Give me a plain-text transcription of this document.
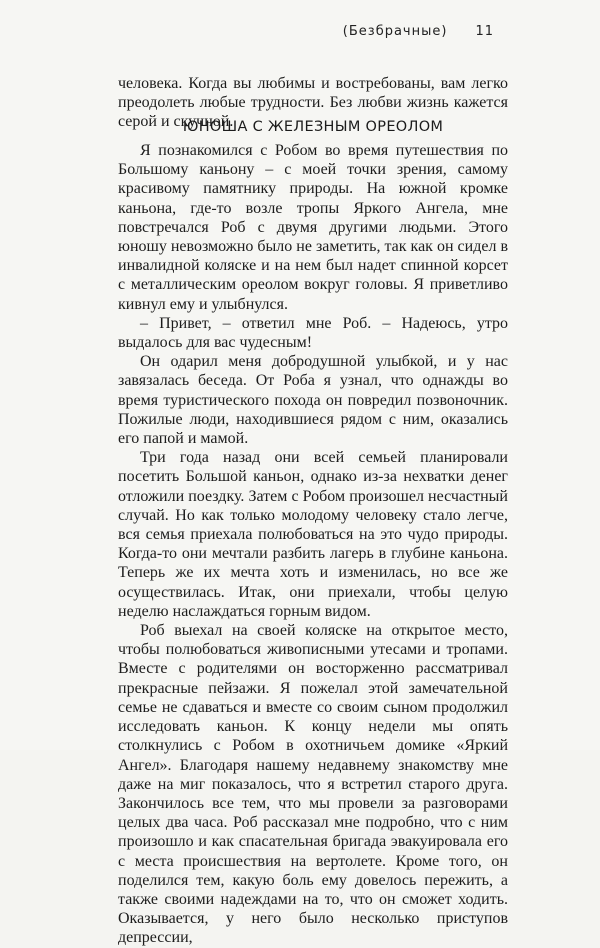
(Безбрачные) 11

человека. Когда вы любимы и востребованы, вам легко преодолеть любые трудности. Без любви жизнь кажется серой и скучной.

ЮНОША С ЖЕЛЕЗНЫМ ОРЕОЛОМ

Я познакомился с Робом во время путешествия по Большому каньону – с моей точки зрения, самому красивому памятнику природы. На южной кромке каньона, где-то возле тропы Яркого Ангела, мне повстречался Роб с двумя другими людьми. Этого юношу невозможно было не заметить, так как он сидел в инвалидной коляске и на нем был надет спинной корсет с металлическим ореолом вокруг головы. Я приветливо кивнул ему и улыбнулся.

– Привет, – ответил мне Роб. – Надеюсь, утро выдалось для вас чудесным!

Он одарил меня добродушной улыбкой, и у нас завязалась беседа. От Роба я узнал, что однажды во время туристического похода он повредил позвоночник. Пожилые люди, находившиеся рядом с ним, оказались его папой и мамой.

Три года назад они всей семьей планировали посетить Большой каньон, однако из-за нехватки денег отложили поездку. Затем с Робом произошел несчастный случай. Но как только молодому человеку стало легче, вся семья приехала полюбоваться на это чудо природы. Когда-то они мечтали разбить лагерь в глубине каньона. Теперь же их мечта хоть и изменилась, но все же осуществилась. Итак, они приехали, чтобы целую неделю наслаждаться горным видом.

Роб выехал на своей коляске на открытое место, чтобы полюбоваться живописными утесами и тропами. Вместе с родителями он восторженно рассматривал прекрасные пейзажи. Я пожелал этой замечательной семье не сдаваться и вместе со своим сыном продолжил исследовать каньон. К концу недели мы опять столкнулись с Робом в охотничьем домике «Яркий Ангел». Благодаря нашему недавнему знакомству мне даже на миг показалось, что я встретил старого друга. Закончилось все тем, что мы провели за разговорами целых два часа. Роб рассказал мне подробно, что с ним произошло и как спасательная бригада эвакуировала его с места происшествия на вертолете. Кроме того, он поделился тем, какую боль ему довелось пережить, а также своими надеждами на то, что он сможет ходить. Оказывается, у него было несколько приступов депрессии,
